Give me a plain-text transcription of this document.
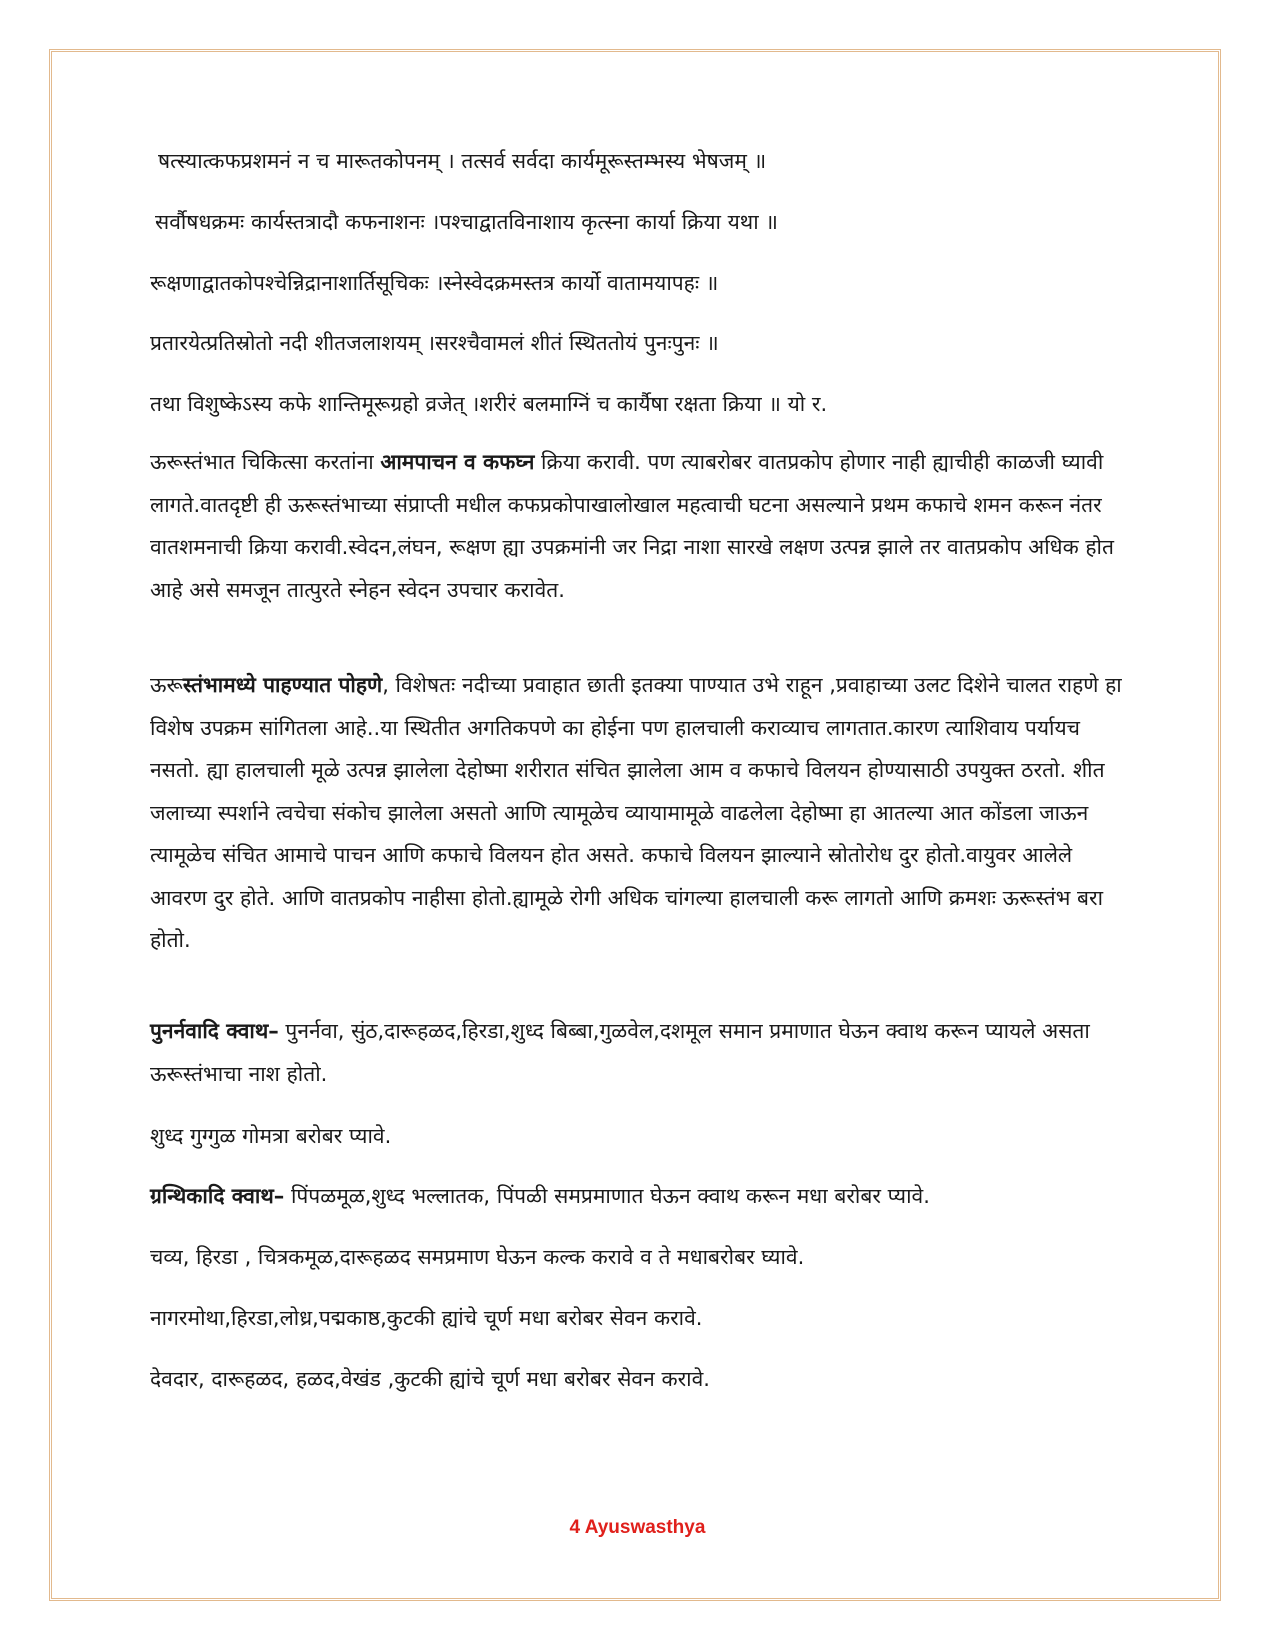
षत्स्यात्कफप्रशमनं न च मारूतकोपनम् । तत्सर्व सर्वदा कार्यमूरूस्तम्भस्य भेषजम् ॥
सर्वौषधक्रमः कार्यस्तत्रादौ कफनाशनः ।पश्चाद्वातविनाशाय कृत्स्ना कार्या क्रिया यथा ॥
रूक्षणाद्वातकोपश्चेन्निद्रानाशार्तिसूचिकः ।स्नेस्वेदक्रमस्तत्र कार्यो वातामयापहः ॥
प्रतारयेत्प्रतिस्रोतो नदी शीतजलाशयम् ।सरश्चैवामलं शीतं स्थिततोयं पुनःपुनः ॥
तथा विशुष्केऽस्य कफे शान्तिमूरूग्रहो व्रजेत् ।शरीरं बलमाग्निं च कार्यैषा रक्षता क्रिया ॥ यो र.
ऊरूस्तंभात चिकित्सा करतांना आमपाचन व कफघ्न क्रिया करावी. पण त्याबरोबर वातप्रकोप होणार नाही ह्याचीही काळजी घ्यावी लागते.वातदृष्टी ही ऊरूस्तंभाच्या संप्राप्ती मधील कफप्रकोपाखालोखाल महत्वाची घटना असल्याने प्रथम कफाचे शमन करून नंतर वातशमनाची क्रिया करावी.स्वेदन,लंघन, रूक्षण ह्या उपक्रमांनी जर निद्रा नाशा सारखे लक्षण उत्पन्न झाले तर वातप्रकोप अधिक होत आहे असे समजून तात्पुरते स्नेहन स्वेदन उपचार करावेत.
ऊरूस्तंभामध्ये पाहण्यात पोहणे, विशेषतः नदीच्या प्रवाहात छाती इतक्या पाण्यात उभे राहून ,प्रवाहाच्या उलट दिशेने चालत राहणे हा विशेष उपक्रम सांगितला आहे..या स्थितीत अगतिकपणे का होईना पण हालचाली कराव्याच लागतात.कारण त्याशिवाय पर्यायच नसतो. ह्या हालचाली मूळे उत्पन्न झालेला देहोष्मा शरीरात संचित झालेला आम व कफाचे विलयन होण्यासाठी उपयुक्त ठरतो. शीत जलाच्या स्पर्शाने त्वचेचा संकोच झालेला असतो आणि त्यामूळेच व्यायामामूळे वाढलेला देहोष्मा हा आतल्या आत कोंडला जाऊन त्यामूळेच संचित आमाचे पाचन आणि कफाचे विलयन होत असते. कफाचे विलयन झाल्याने स्रोतोरोध दुर होतो.वायुवर आलेले आवरण दुर होते. आणि वातप्रकोप नाहीसा होतो.ह्यामूळे रोगी अधिक चांगल्या हालचाली करू लागतो आणि क्रमशः ऊरूस्तंभ बरा होतो.
पुनर्नवादि क्वाथ– पुनर्नवा, सुंठ,दारूहळद,हिरडा,शुध्द बिब्बा,गुळवेल,दशमूल समान प्रमाणात घेऊन क्वाथ करून प्यायले असता ऊरूस्तंभाचा नाश होतो.
शुध्द गुग्गुळ गोमत्रा बरोबर प्यावे.
ग्रन्थिकादि क्वाथ– पिंपळमूळ,शुध्द भल्लातक, पिंपळी समप्रमाणात घेऊन क्वाथ करून मधा बरोबर प्यावे.
चव्य, हिरडा , चित्रकमूळ,दारूहळद समप्रमाण घेऊन कल्क करावे व ते मधाबरोबर घ्यावे.
नागरमोथा,हिरडा,लोध्र,पद्मकाष्ठ,कुटकी ह्यांचे चूर्ण मधा बरोबर सेवन करावे.
देवदार, दारूहळद, हळद,वेखंड ,कुटकी ह्यांचे चूर्ण मधा बरोबर सेवन करावे.
4 Ayuswasthya
